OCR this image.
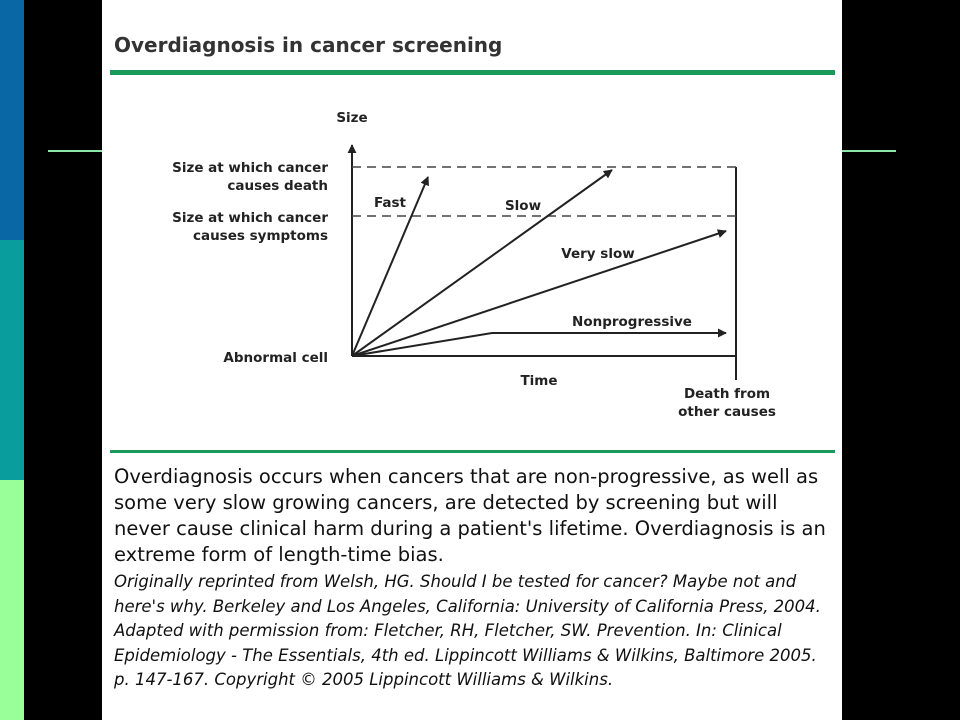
Overdiagnosis in cancer screening
Size
Size at which cancer
causes death
Size at which cancer
causes symptoms
Abnormal cell
Time
Death from
other causes
Fast	Slow
Very slow
Nonprogressive

Overdiagnosis occurs when cancers that are non-progressive, as well as some very slow growing cancers, are detected by screening but will never cause clinical harm during a patient's lifetime. Overdiagnosis is an extreme form of length-time bias.

Originally reprinted from Welsh, HG. Should I be tested for cancer? Maybe not and here's why. Berkeley and Los Angeles, California: University of California Press, 2004. Adapted with permission from: Fletcher, RH, Fletcher, SW. Prevention. In: Clinical Epidemiology - The Essentials, 4th ed. Lippincott Williams & Wilkins, Baltimore 2005. p. 147-167. Copyright © 2005 Lippincott Williams & Wilkins.
